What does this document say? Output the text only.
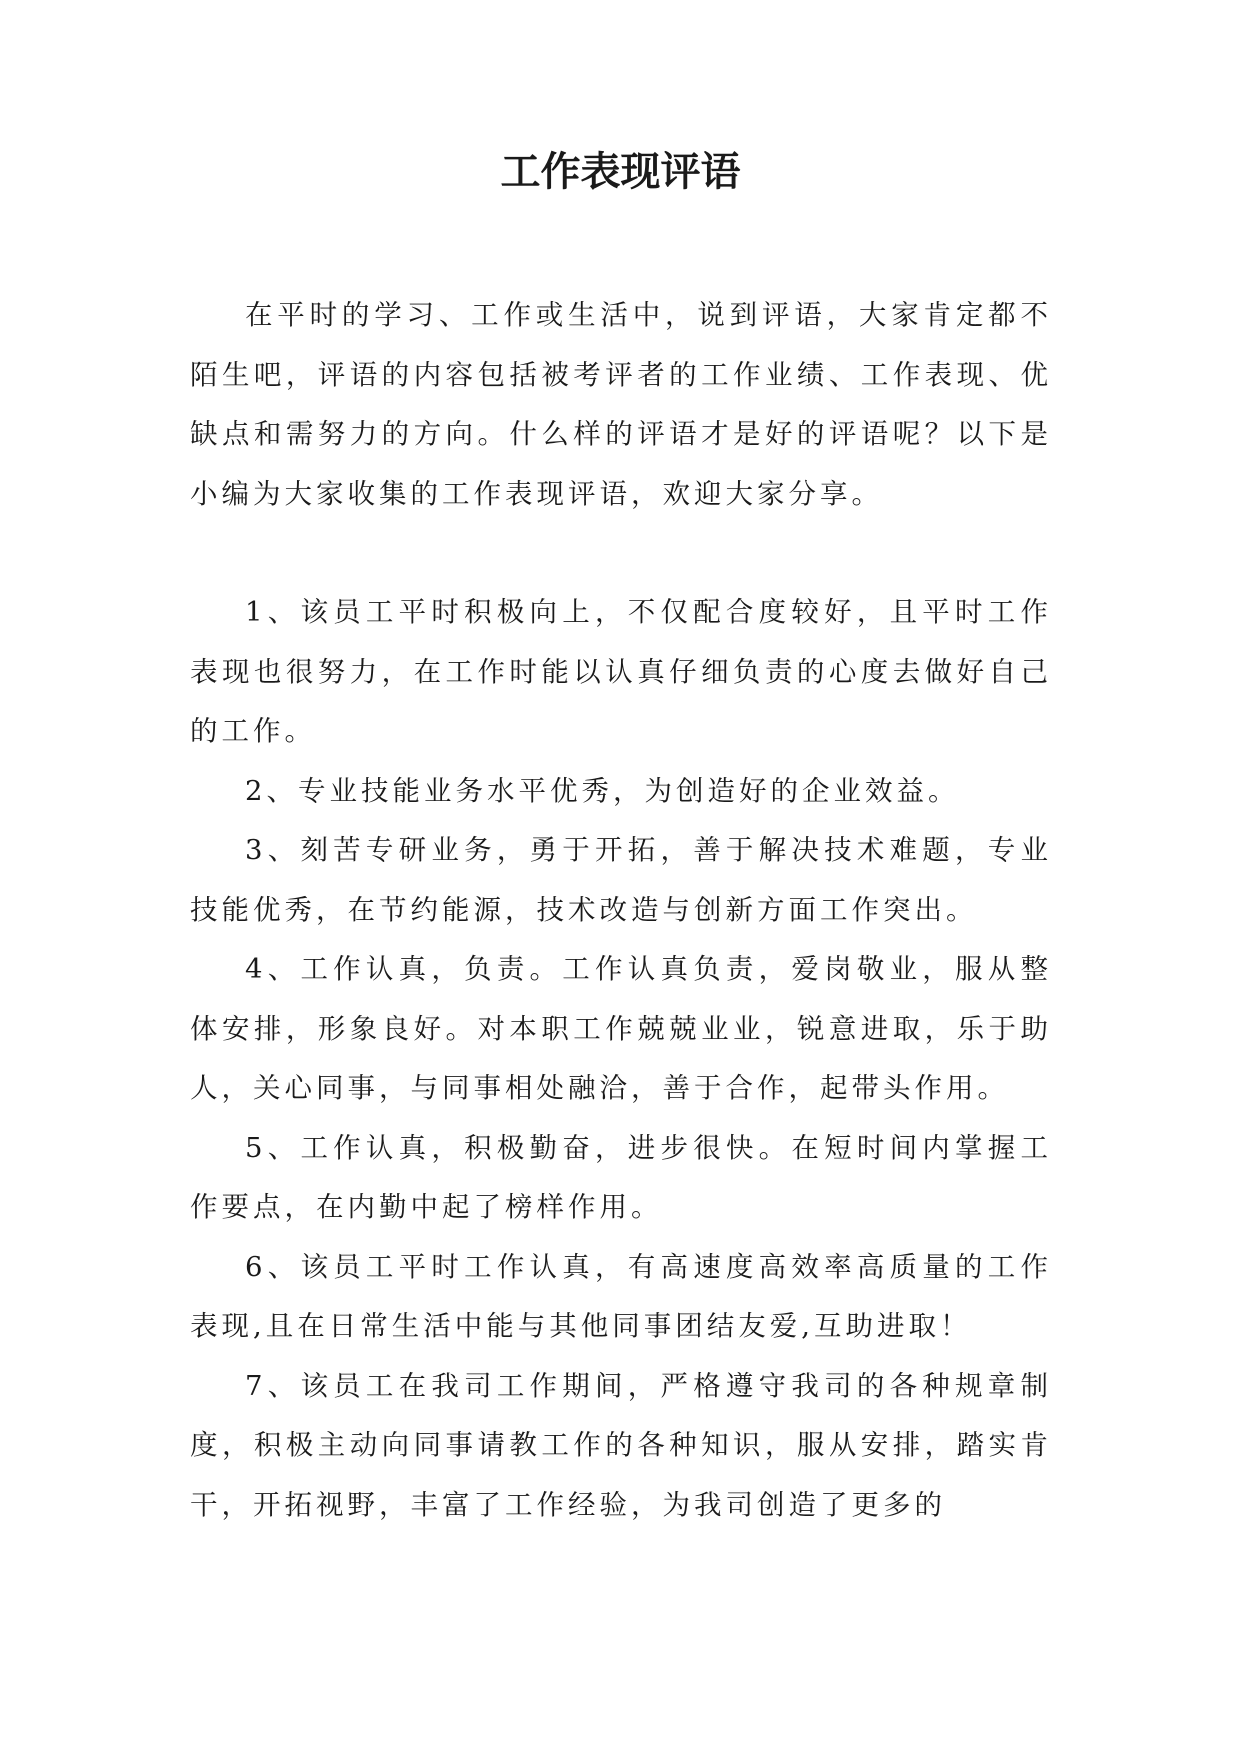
工作表现评语

在平时的学习、工作或生活中，说到评语，大家肯定都不陌生吧，评语的内容包括被考评者的工作业绩、工作表现、优缺点和需努力的方向。什么样的评语才是好的评语呢？以下是小编为大家收集的工作表现评语，欢迎大家分享。

1、该员工平时积极向上，不仅配合度较好，且平时工作表现也很努力，在工作时能以认真仔细负责的心度去做好自己的工作。

2、专业技能业务水平优秀，为创造好的企业效益。

3、刻苦专研业务，勇于开拓，善于解决技术难题，专业技能优秀，在节约能源，技术改造与创新方面工作突出。

4、工作认真，负责。工作认真负责，爱岗敬业，服从整体安排，形象良好。对本职工作兢兢业业，锐意进取，乐于助人，关心同事，与同事相处融洽，善于合作，起带头作用。

5、工作认真，积极勤奋，进步很快。在短时间内掌握工作要点，在内勤中起了榜样作用。

6、该员工平时工作认真，有高速度高效率高质量的工作表现,且在日常生活中能与其他同事团结友爱,互助进取！

7、该员工在我司工作期间，严格遵守我司的各种规章制度，积极主动向同事请教工作的各种知识，服从安排，踏实肯干，开拓视野，丰富了工作经验，为我司创造了更多的
